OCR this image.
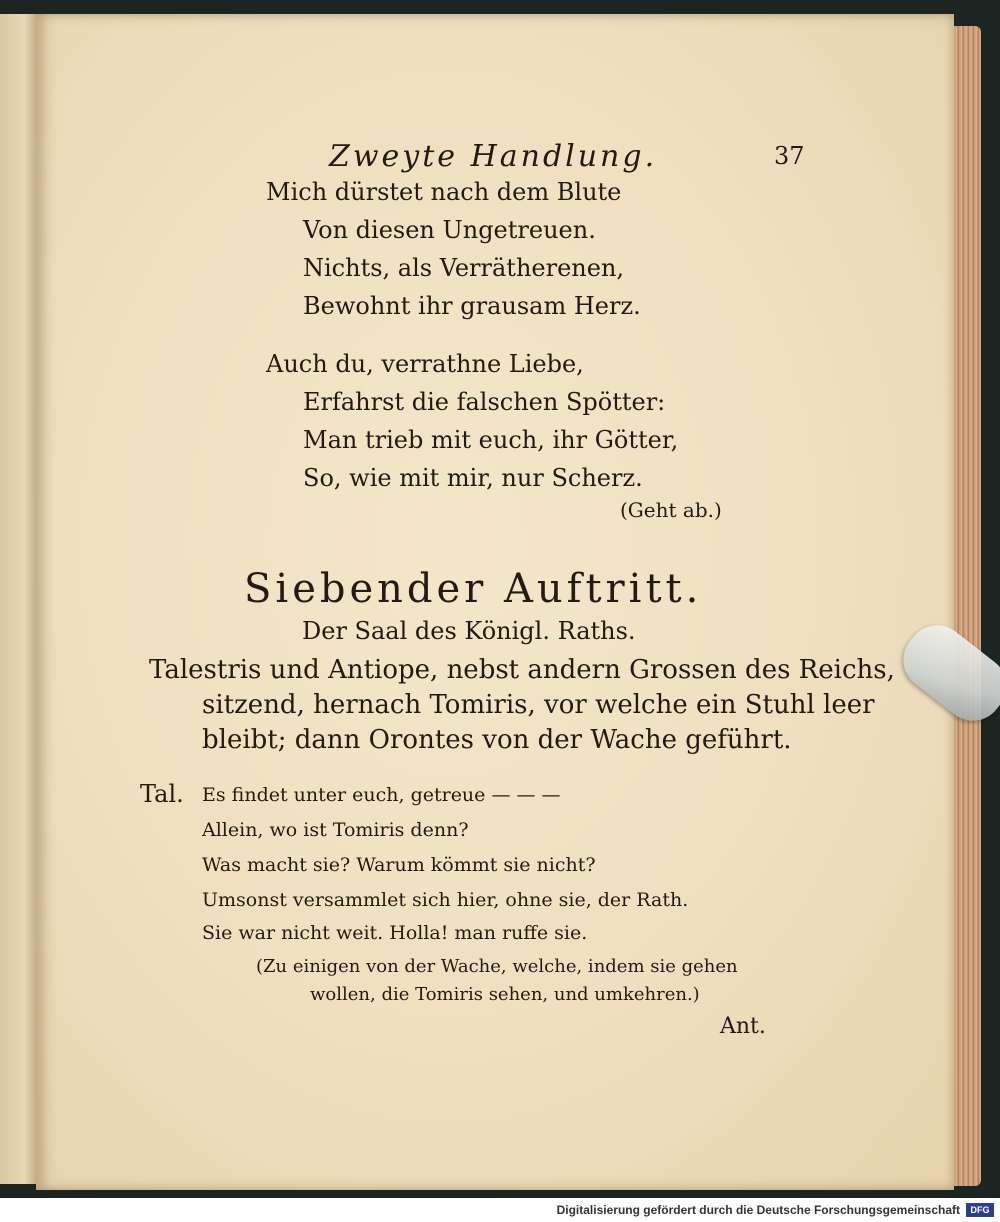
Zweyte Handlung.	37
Mich dürstet nach dem Blute
Von diesen Ungetreuen.
Nichts, als Verrätherenen,
Bewohnt ihr grausam Herz.
Auch du, verrathne Liebe,
Erfahrst die falschen Spötter:
Man trieb mit euch, ihr Götter,
So, wie mit mir, nur Scherz.
(Geht ab.)
Siebender Auftritt.
Der Saal des Königl. Raths.
Talestris und Antiope, nebst andern Grossen des Reichs,
sitzend, hernach Tomiris, vor welche ein Stuhl leer
bleibt; dann Orontes von der Wache geführt.
Tal. Es findet unter euch, getreue — — —
Allein, wo ist Tomiris denn?
Was macht sie? Warum kömmt sie nicht?
Umsonst versammlet sich hier, ohne sie, der Rath.
Sie war nicht weit. Holla! man ruffe sie.
(Zu einigen von der Wache, welche, indem sie gehen
wollen, die Tomiris sehen, und umkehren.)
Ant.
Digitalisierung gefördert durch die Deutsche Forschungsgemeinschaft	DFG
